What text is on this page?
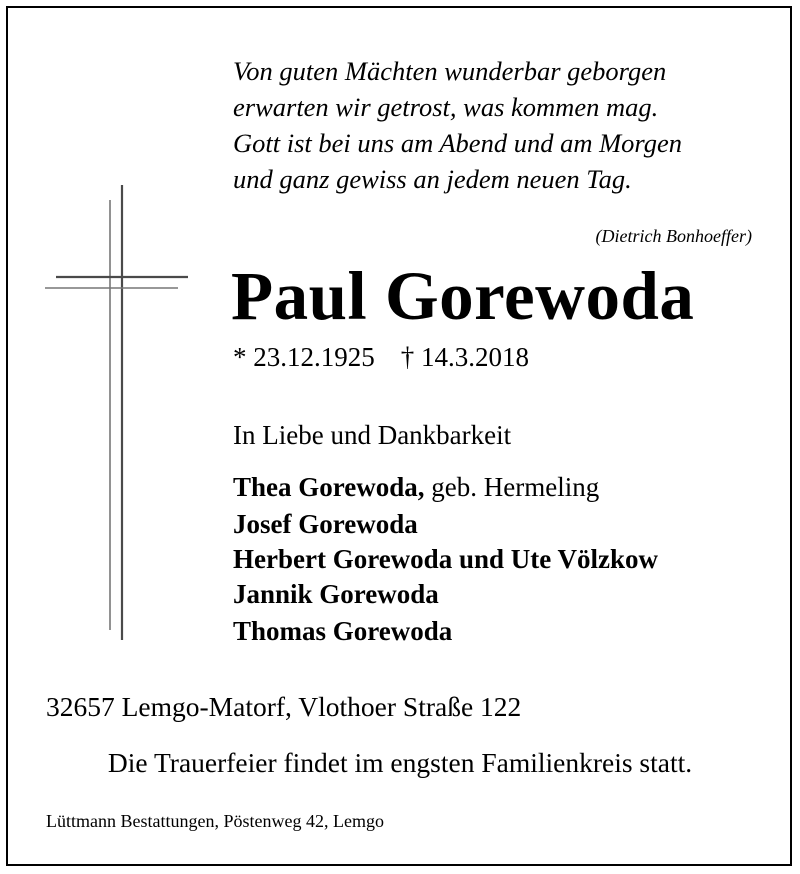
Von guten Mächten wunderbar geborgen
erwarten wir getrost, was kommen mag.
Gott ist bei uns am Abend und am Morgen
und ganz gewiss an jedem neuen Tag.
(Dietrich Bonhoeffer)
Paul Gorewoda
* 23.12.1925 † 14.3.2018
In Liebe und Dankbarkeit
Thea Gorewoda, geb. Hermeling
Josef Gorewoda
Herbert Gorewoda und Ute Völzkow
Jannik Gorewoda
Thomas Gorewoda
32657 Lemgo-Matorf, Vlothoer Straße 122
Die Trauerfeier findet im engsten Familienkreis statt.
Lüttmann Bestattungen, Pöstenweg 42, Lemgo
